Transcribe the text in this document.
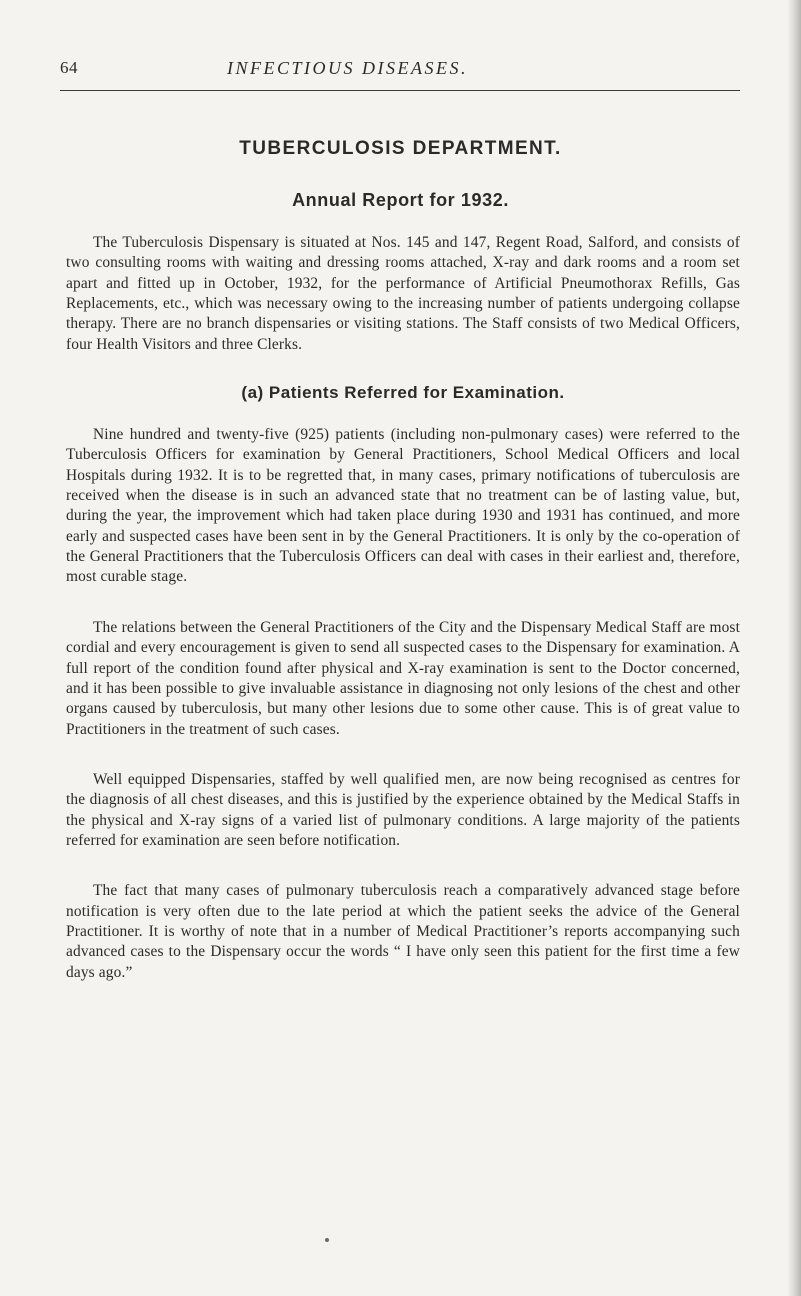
64	INFECTIOUS DISEASES.
TUBERCULOSIS DEPARTMENT.
Annual Report for 1932.

The Tuberculosis Dispensary is situated at Nos. 145 and 147, Regent Road, Salford, and consists of two consulting rooms with waiting and dressing rooms attached, X-ray and dark rooms and a room set apart and fitted up in October, 1932, for the performance of Artificial Pneumothorax Refills, Gas Replacements, etc., which was necessary owing to the increasing number of patients undergoing collapse therapy. There are no branch dispensaries or visiting stations. The Staff consists of two Medical Officers, four Health Visitors and three Clerks.

(a) Patients Referred for Examination.

Nine hundred and twenty-five (925) patients (including non-pulmonary cases) were referred to the Tuberculosis Officers for examination by General Practitioners, School Medical Officers and local Hospitals during 1932. It is to be regretted that, in many cases, primary notifications of tuberculosis are received when the disease is in such an advanced state that no treatment can be of lasting value, but, during the year, the improvement which had taken place during 1930 and 1931 has continued, and more early and suspected cases have been sent in by the General Practitioners. It is only by the co-operation of the General Practitioners that the Tuberculosis Officers can deal with cases in their earliest and, therefore, most curable stage.

The relations between the General Practitioners of the City and the Dispensary Medical Staff are most cordial and every encouragement is given to send all suspected cases to the Dispensary for examination. A full report of the condition found after physical and X-ray examination is sent to the Doctor concerned, and it has been possible to give invaluable assistance in diagnosing not only lesions of the chest and other organs caused by tuberculosis, but many other lesions due to some other cause. This is of great value to Practitioners in the treatment of such cases.

Well equipped Dispensaries, staffed by well qualified men, are now being recognised as centres for the diagnosis of all chest diseases, and this is justified by the experience obtained by the Medical Staffs in the physical and X-ray signs of a varied list of pulmonary conditions. A large majority of the patients referred for examination are seen before notification.

The fact that many cases of pulmonary tuberculosis reach a comparatively advanced stage before notification is very often due to the late period at which the patient seeks the advice of the General Practitioner. It is worthy of note that in a number of Medical Practitioner’s reports accompanying such advanced cases to the Dispensary occur the words “ I have only seen this patient for the first time a few days ago.”
